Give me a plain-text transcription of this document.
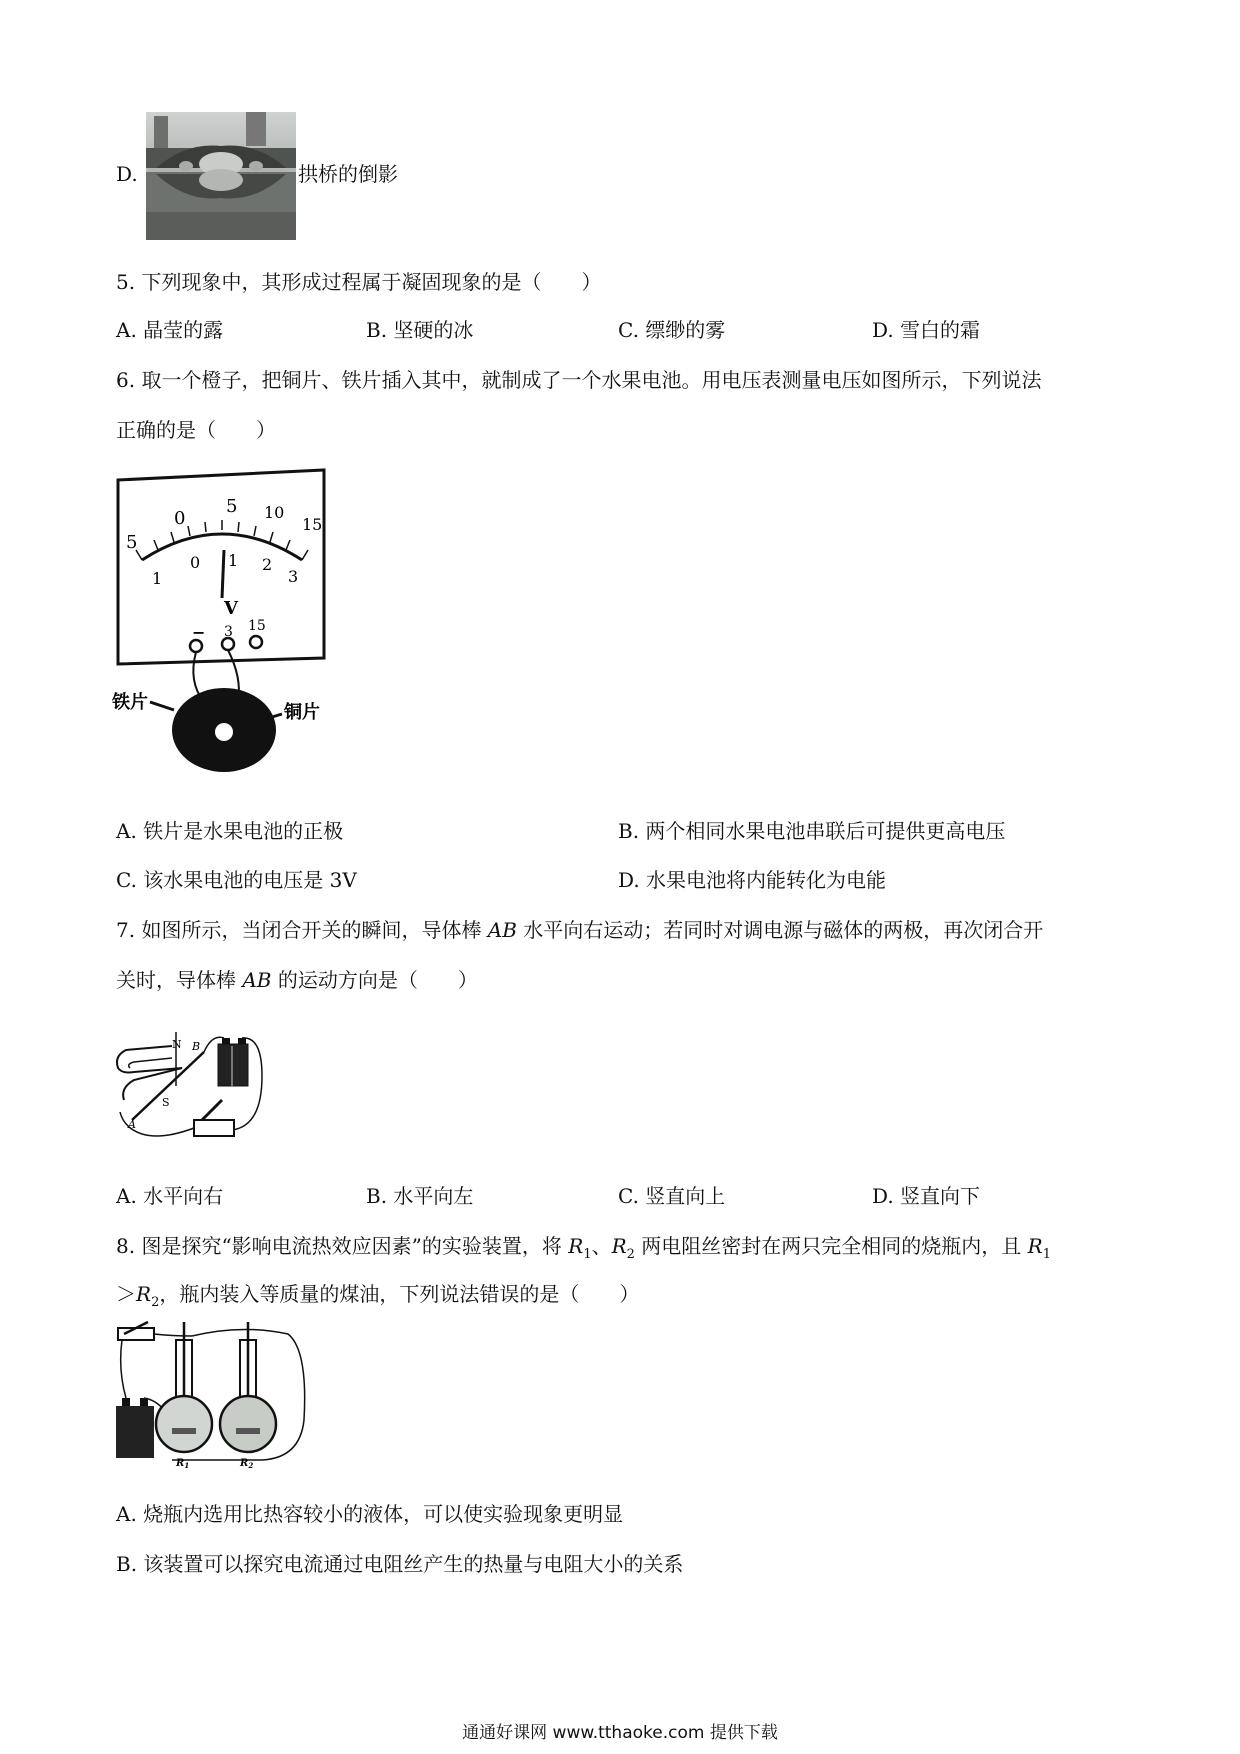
D.	拱桥的倒影
5. 下列现象中，其形成过程属于凝固现象的是（　　）
A. 晶莹的露	B. 坚硬的冰	C. 缥缈的雾	D. 雪白的霜
6. 取一个橙子，把铜片、铁片插入其中，就制成了一个水果电池。用电压表测量电压如图所示，下列说法
正确的是（　　）
5
0
5 10
15
1
0 1 2
3
V
− 3 15
铁片	铜片
A. 铁片是水果电池的正极	B. 两个相同水果电池串联后可提供更高电压
C. 该水果电池的电压是 3V	D. 水果电池将内能转化为电能
7. 如图所示，当闭合开关的瞬间，导体棒 AB 水平向右运动；若同时对调电源与磁体的两极，再次闭合开
关时，导体棒 AB 的运动方向是（　　）
N B
S
A
A. 水平向右	B. 水平向左	C. 竖直向上	D. 竖直向下
8. 图是探究“影响电流热效应因素”的实验装置，将 $R_1$、$R_2$ 两电阻丝密封在两只完全相同的烧瓶内，且 $R_1$
$>R_2$，瓶内装入等质量的煤油，下列说法错误的是（　　）
$R_1$	$R_2$
A. 烧瓶内选用比热容较小的液体，可以使实验现象更明显
B. 该装置可以探究电流通过电阻丝产生的热量与电阻大小的关系
通通好课网 www.tthaoke.com 提供下载
